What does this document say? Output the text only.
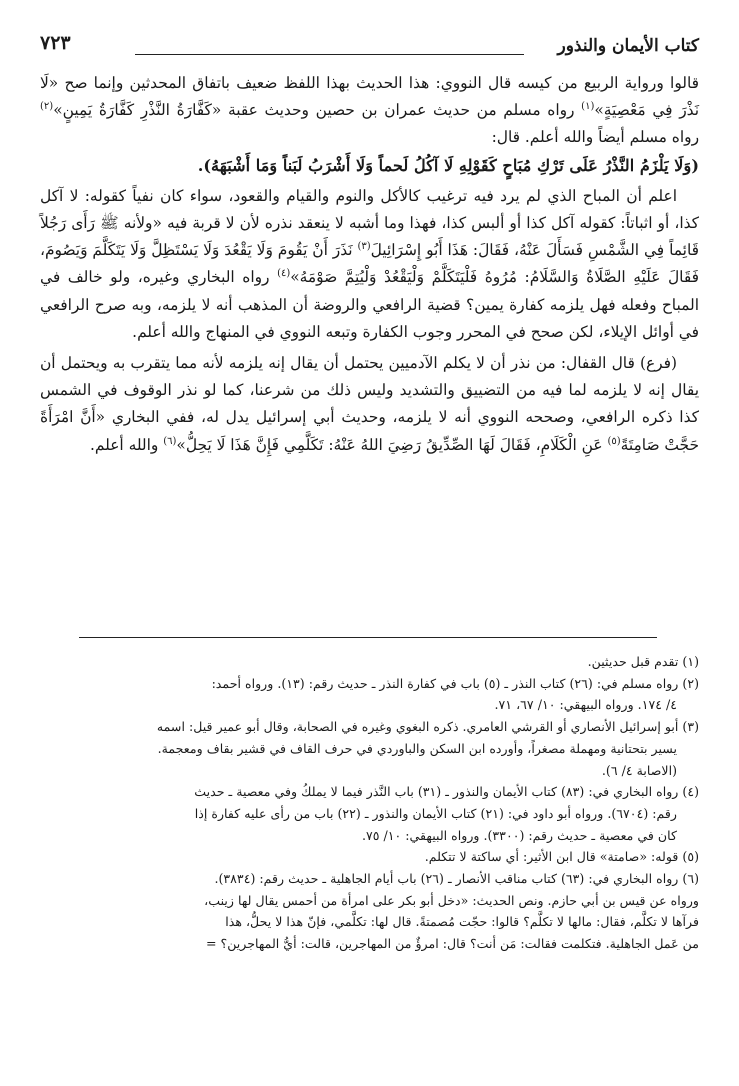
كتاب الأيمان والنذور
٧٢٣

قالوا ورواية الربيع من كيسه قال النووي: هذا الحديث بهذا اللفظ ضعيف باتفاق المحدثين وإنما صح «لَا نَذْرَ فِي مَعْصِيَةٍ»$^{(١)}$ رواه مسلم من حديث عمران بن حصين وحديث عقبة «كَفَّارَةُ النَّذْرِ كَفَّارَةُ يَمِينٍ»$^{(٢)}$ رواه مسلم أيضاً والله أعلم. قال:

(وَلَا يَلْزَمُ النَّذْرُ عَلَى تَرْكِ مُبَاحٍ كَقَوْلِهِ لَا آكُلُ لَحماً وَلَا أَشْرَبُ لَبَناً وَمَا أَشْبَهَهُ).

اعلم أن المباح الذي لم يرد فيه ترغيب كالأكل والنوم والقيام والقعود، سواء كان نفياً كقوله: لا آكل كذا، أو اثباتاً: كقوله آكل كذا أو ألبس كذا، فهذا وما أشبه لا ينعقد نذره لأن لا قربة فيه «ولأنه ﷺ رَأَى رَجُلاً قَائِماً فِي الشَّمْسِ فَسَأَلَ عَنْهُ، فَقَالَ: هَذَا أَبُو إِسْرَائِيلَ$^{(٣)}$ نَذَرَ أَنْ يَقُومَ وَلَا يَقْعُدَ وَلَا يَسْتَظِلَّ وَلَا يَتَكَلَّمَ وَيَصُومَ، فَقَالَ عَلَيْهِ الصَّلَاةُ وَالسَّلَامُ: مُرُوهُ فَلْيَتَكَلَّمْ وَلْيَقْعُدْ وَلْيُتِمَّ صَوْمَهُ»$^{(٤)}$ رواه البخاري وغيره، ولو خالف في المباح وفعله فهل يلزمه كفارة يمين؟ قضية الرافعي والروضة أن المذهب أنه لا يلزمه، وبه صرح الرافعي في أوائل الإيلاء، لكن صحح في المحرر وجوب الكفارة وتبعه النووي في المنهاج والله أعلم.

(فرع) قال القفال: من نذر أن لا يكلم الآدميين يحتمل أن يقال إنه يلزمه لأنه مما يتقرب به ويحتمل أن يقال إنه لا يلزمه لما فيه من التضييق والتشديد وليس ذلك من شرعنا، كما لو نذر الوقوف في الشمس كذا ذكره الرافعي، وصححه النووي أنه لا يلزمه، وحديث أبي إسرائيل يدل له، ففي البخاري «أَنَّ امْرَأَةً حَجَّتْ صَامِتَةً$^{(٥)}$ عَنِ الْكَلَامِ، فَقَالَ لَهَا الصِّدِّيقُ رَضِيَ اللهُ عَنْهُ: تَكَلَّمِي فَإِنَّ هَذَا لَا يَحِلُّ»$^{(٦)}$ والله أعلم.

(١) تقدم قبل حديثين.
(٢) رواه مسلم في: (٢٦) كتاب النذر ـ (٥) باب في كفارة النذر ـ حديث رقم: (١٣). ورواه أحمد:
٤/ ١٧٤. ورواه البيهقي: ١٠/ ٦٧، ٧١.
(٣) أبو إسرائيل الأنصاري أو القرشي العامري. ذكره البغوي وغيره في الصحابة، وقال أبو عمير قيل: اسمه
يسير بتحتانية ومهملة مصغراً، وأورده ابن السكن والباوردي في حرف القاف في قشير بقاف ومعجمة.
(الاصابة ٤/ ٦).
(٤) رواه البخاري في: (٨٣) كتاب الأيمان والنذور ـ (٣١) باب النَّذر فيما لا يملكُ وفي معصية ـ حديث
رقم: (٦٧٠٤). ورواه أبو داود في: (٢١) كتاب الأيمان والنذور ـ (٢٢) باب من رأى عليه كفارة إذا
كان في معصية ـ حديث رقم: (٣٣٠٠). ورواه البيهقي: ١٠/ ٧٥.
(٥) قوله: «صامتة» قال ابن الأثير: أي ساكتة لا تتكلم.
(٦) رواه البخاري في: (٦٣) كتاب مناقب الأنصار ـ (٢٦) باب أيام الجاهلية ـ حديث رقم: (٣٨٣٤).
ورواه عن قيس بن أبي حازم. ونص الحديث: «دخل أبو بكر على امرأة من أحمس يقال لها زينب،
فرآها لا تكلَّم، فقال: مالها لا تكلَّم؟ قالوا: حجّت مُصمتةً. قال لها: تكلَّمي، فإنّ هذا لا يحلُّ، هذا
من عَمل الجاهلية. فتكلمت فقالت: مَن أنت؟ قال: امرؤٌ من المهاجرين، قالت: أيُّ المهاجرين؟ =
